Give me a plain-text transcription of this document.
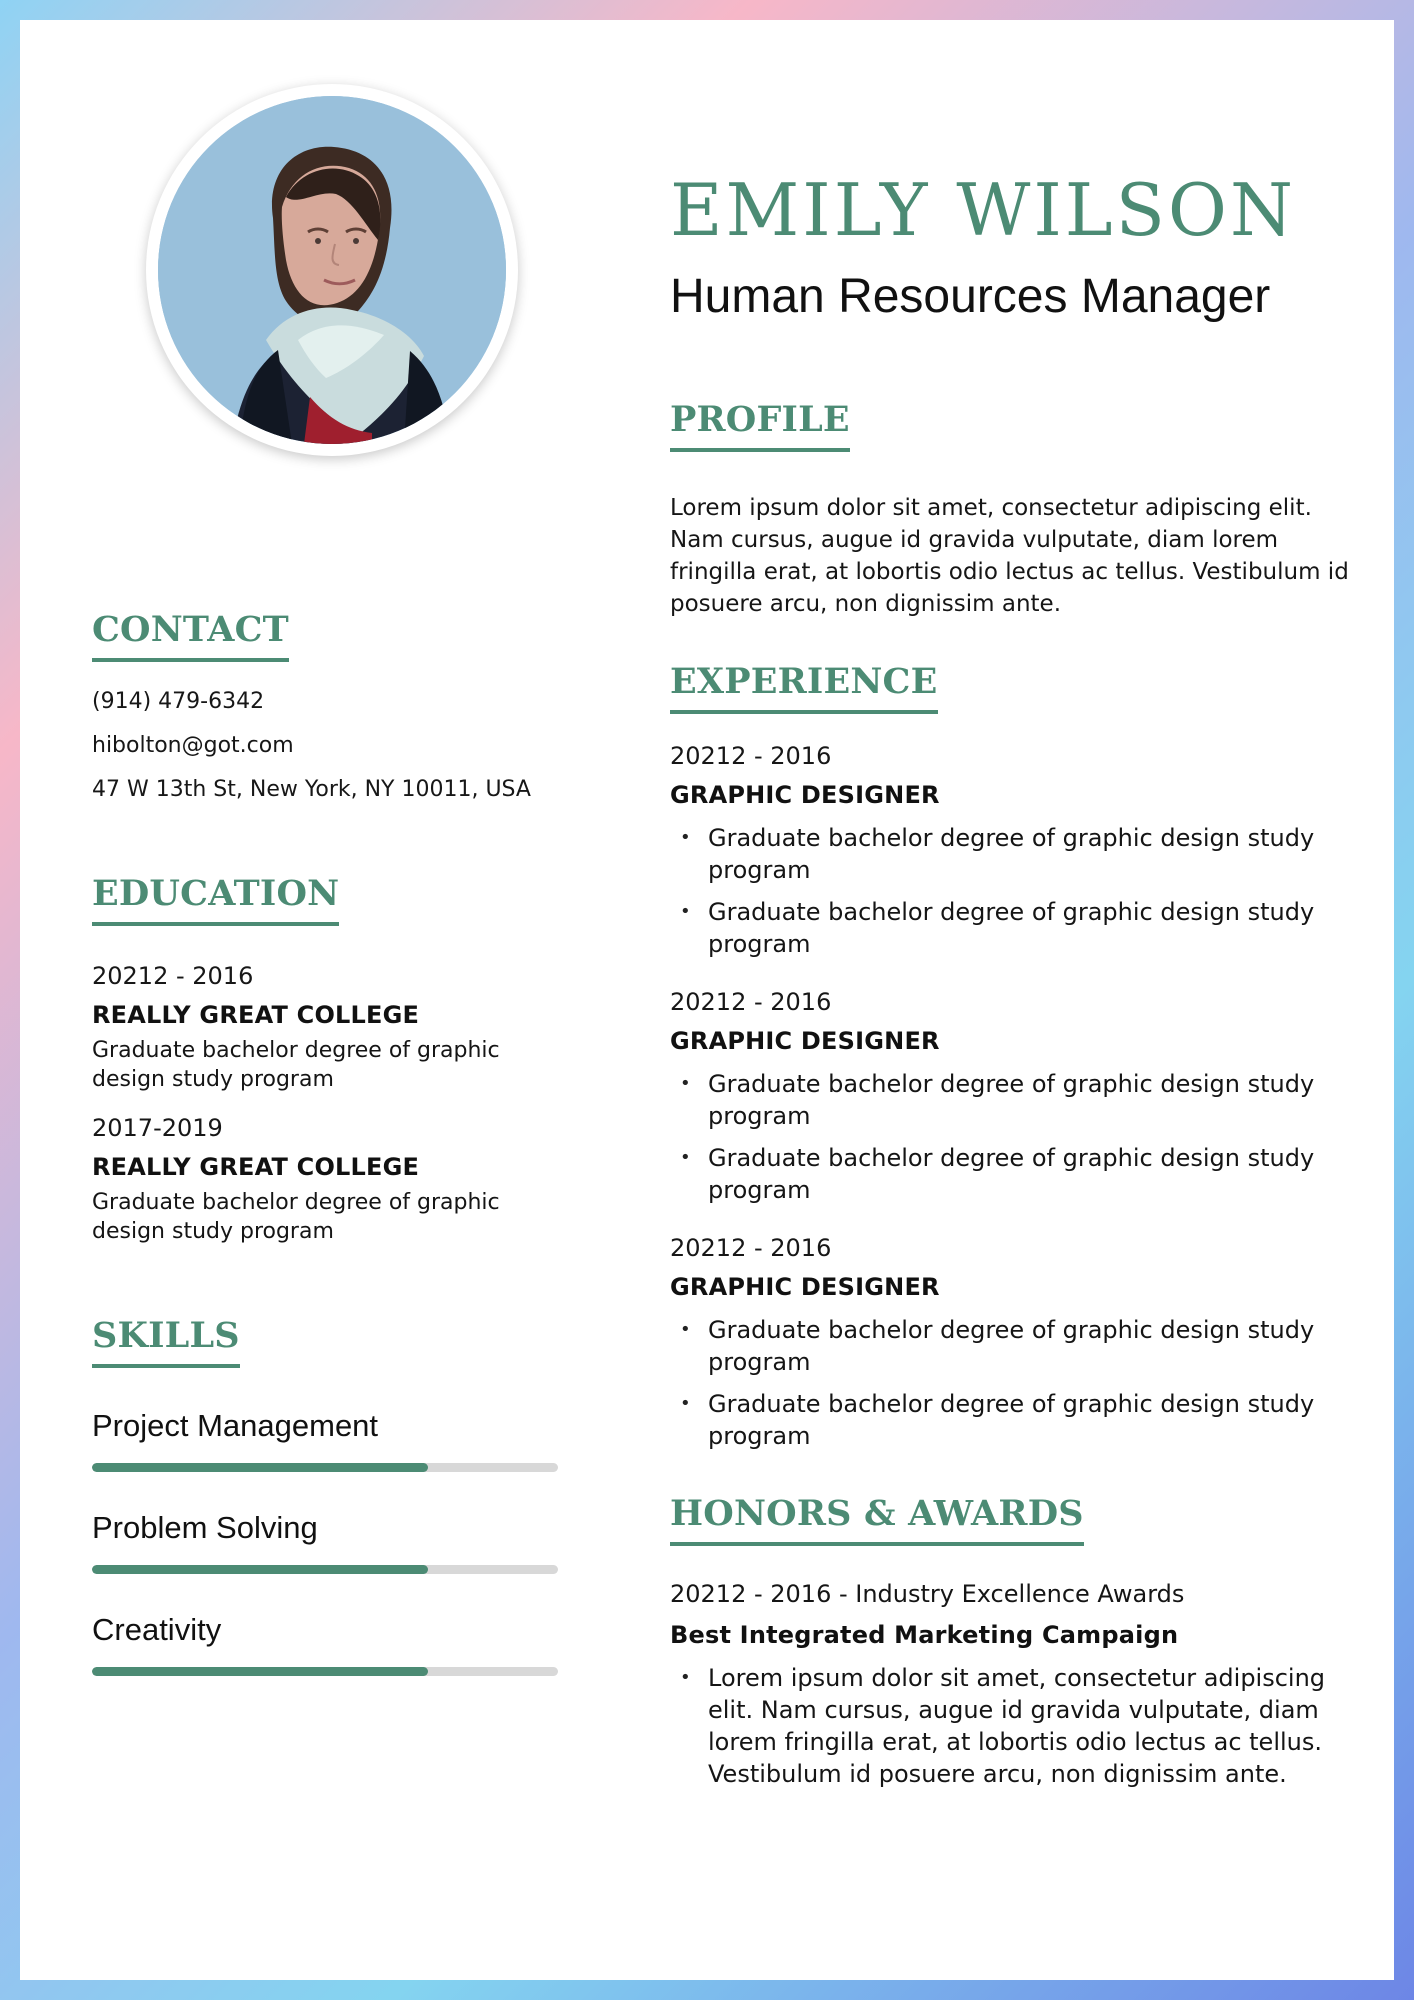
EMILY WILSON
Human Resources Manager
PROFILE
Lorem ipsum dolor sit amet, consectetur adipiscing elit. Nam cursus, augue id gravida vulputate, diam lorem fringilla erat, at lobortis odio lectus ac tellus. Vestibulum id posuere arcu, non dignissim ante.
EXPERIENCE
20212 - 2016
GRAPHIC DESIGNER
• Graduate bachelor degree of graphic design study program
• Graduate bachelor degree of graphic design study program
20212 - 2016
GRAPHIC DESIGNER
• Graduate bachelor degree of graphic design study program
• Graduate bachelor degree of graphic design study program
20212 - 2016
GRAPHIC DESIGNER
• Graduate bachelor degree of graphic design study program
• Graduate bachelor degree of graphic design study program
HONORS & AWARDS
20212 - 2016 - Industry Excellence Awards
Best Integrated Marketing Campaign
• Lorem ipsum dolor sit amet, consectetur adipiscing elit. Nam cursus, augue id gravida vulputate, diam lorem fringilla erat, at lobortis odio lectus ac tellus. Vestibulum id posuere arcu, non dignissim ante.
CONTACT
(914) 479-6342
hibolton@got.com
47 W 13th St, New York, NY 10011, USA
EDUCATION
20212 - 2016
REALLY GREAT COLLEGE
Graduate bachelor degree of graphic design study program
2017-2019
REALLY GREAT COLLEGE
Graduate bachelor degree of graphic design study program
SKILLS
Project Management
Problem Solving
Creativity
